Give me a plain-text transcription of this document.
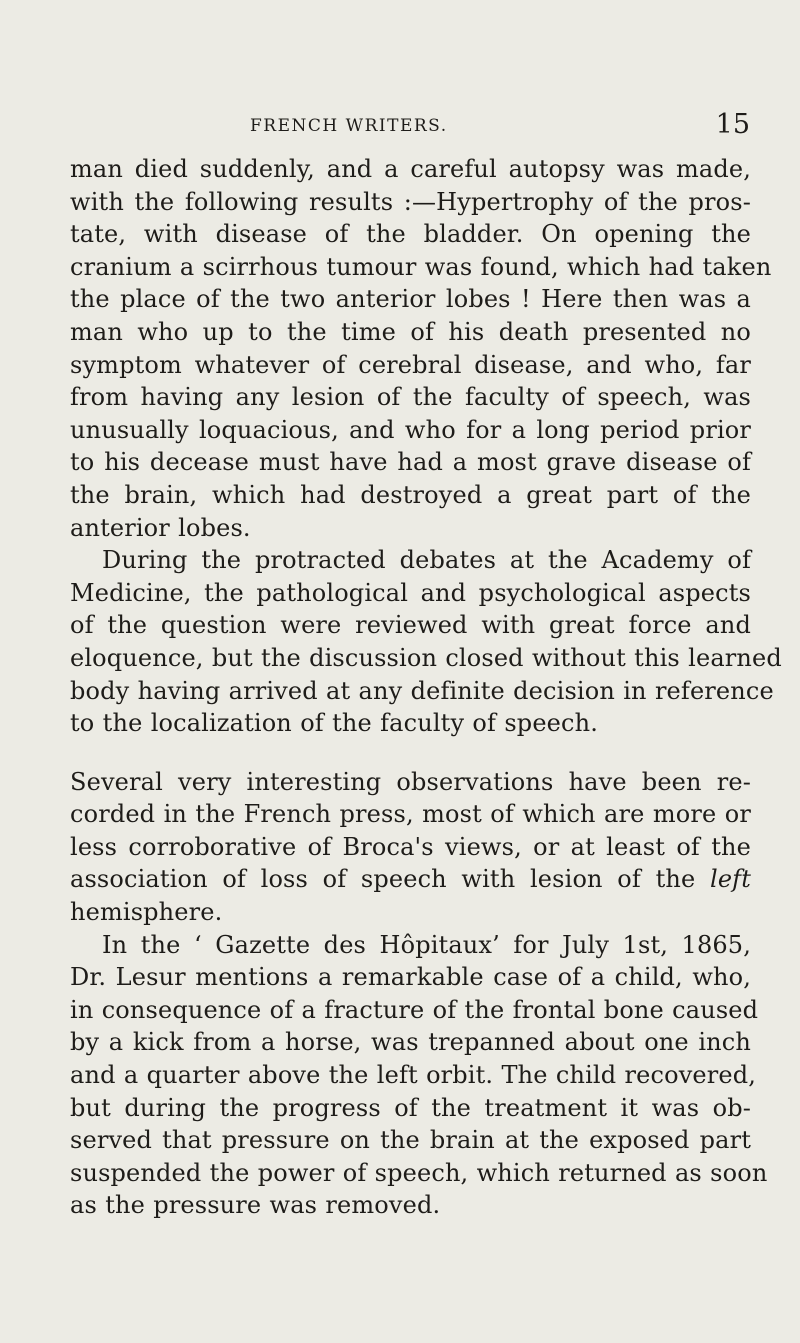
FRENCH WRITERS.	15

man died suddenly, and a careful autopsy was made,
with the following results :—Hypertrophy of the pros-
tate, with disease of the bladder. On opening the
cranium a scirrhous tumour was found, which had taken
the place of the two anterior lobes ! Here then was a
man who up to the time of his death presented no
symptom whatever of cerebral disease, and who, far
from having any lesion of the faculty of speech, was
unusually loquacious, and who for a long period prior
to his decease must have had a most grave disease of
the brain, which had destroyed a great part of the
anterior lobes.

During the protracted debates at the Academy of
Medicine, the pathological and psychological aspects
of the question were reviewed with great force and
eloquence, but the discussion closed without this learned
body having arrived at any definite decision in reference
to the localization of the faculty of speech.

Several very interesting observations have been re-
corded in the French press, most of which are more or
less corroborative of Broca's views, or at least of the
association of loss of speech with lesion of the left
hemisphere.

In the ‘ Gazette des Hôpitaux’ for July 1st, 1865,
Dr. Lesur mentions a remarkable case of a child, who,
in consequence of a fracture of the frontal bone caused
by a kick from a horse, was trepanned about one inch
and a quarter above the left orbit. The child recovered,
but during the progress of the treatment it was ob-
served that pressure on the brain at the exposed part
suspended the power of speech, which returned as soon
as the pressure was removed.
